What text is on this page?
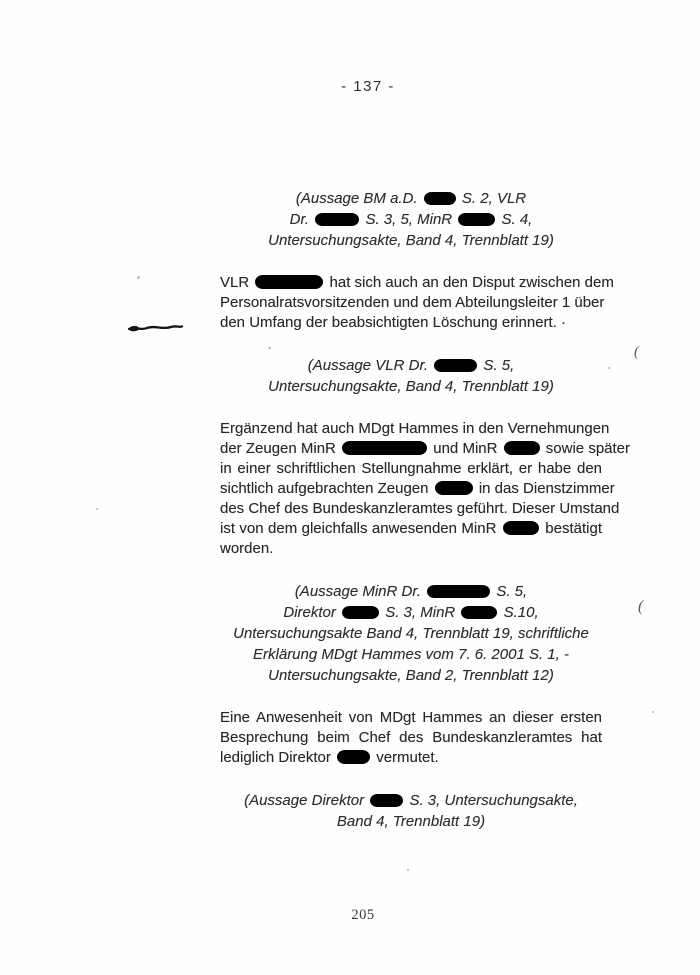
- 137 -
(
(
(Aussage BM a.D.	S. 2, VLR
Dr.	S. 3, 5, MinR	S. 4,
Untersuchungsakte, Band 4, Trennblatt 19)
VLR	hat sich auch an den Disput zwischen dem
Personalratsvorsitzenden und dem Abteilungsleiter 1 über
den Umfang der beabsichtigten Löschung erinnert. ·
(Aussage VLR Dr.	S. 5,
Untersuchungsakte, Band 4, Trennblatt 19)
Ergänzend hat auch MDgt Hammes in den Vernehmungen
der Zeugen MinR	und MinR	sowie später
in einer schriftlichen Stellungnahme erklärt, er habe den
sichtlich aufgebrachten Zeugen	in das Dienstzimmer
des Chef des Bundeskanzleramtes geführt. Dieser Umstand
ist von dem gleichfalls anwesenden MinR	bestätigt
worden.
(Aussage MinR Dr.	S. 5,
Direktor	S. 3, MinR	S.10,
Untersuchungsakte Band 4, Trennblatt 19, schriftliche
Erklärung MDgt Hammes vom 7. 6. 2001 S. 1, -
Untersuchungsakte, Band 2, Trennblatt 12)
Eine Anwesenheit von MDgt Hammes an dieser ersten
Besprechung beim Chef des Bundeskanzleramtes hat
lediglich Direktor	vermutet.
(Aussage Direktor	S. 3, Untersuchungsakte,
Band 4, Trennblatt 19)
205
